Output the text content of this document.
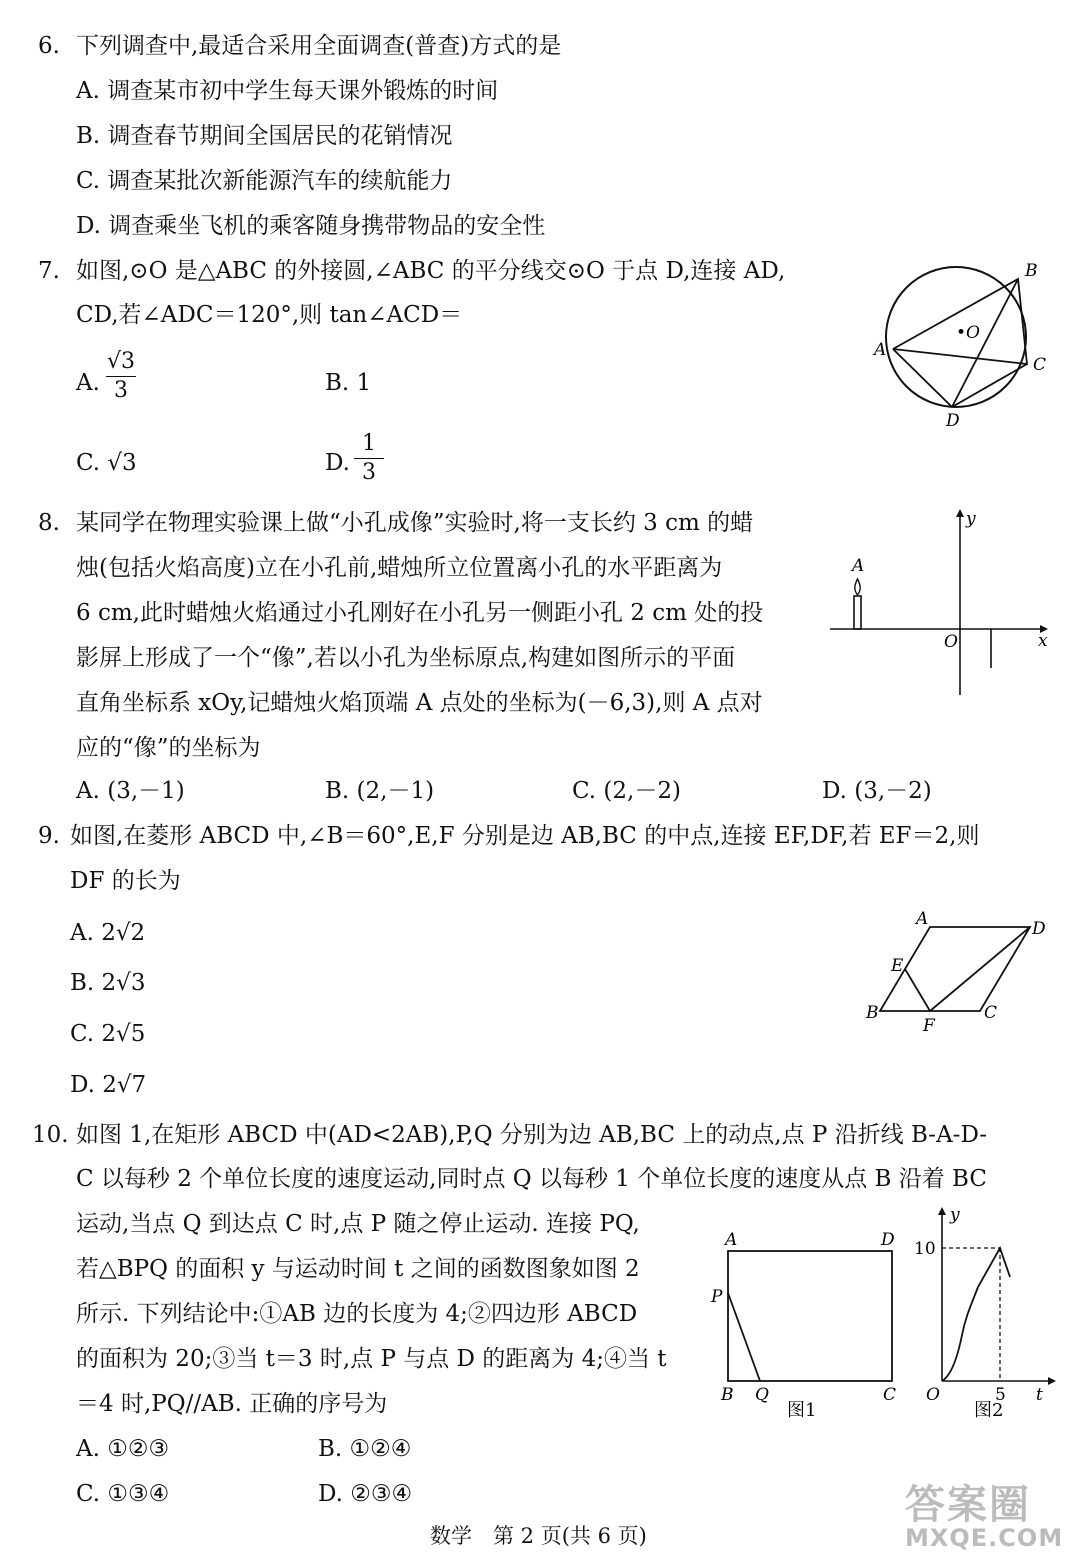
6. 下列调查中,最适合采用全面调查(普查)方式的是
A. 调查某市初中学生每天课外锻炼的时间
B. 调查春节期间全国居民的花销情况
C. 调查某批次新能源汽车的续航能力
D. 调查乘坐飞机的乘客随身携带物品的安全性
7. 如图,⊙O 是△ABC 的外接圆,∠ABC 的平分线交⊙O 于点 D,连接 AD,
CD,若∠ADC＝120°,则 tan∠ACD＝
A.
√3
3	B. 1
C. √3	D.
1
3
B
A
C
D
•O
8. 某同学在物理实验课上做“小孔成像”实验时,将一支长约 3 cm 的蜡
烛(包括火焰高度)立在小孔前,蜡烛所立位置离小孔的水平距离为
6 cm,此时蜡烛火焰通过小孔刚好在小孔另一侧距小孔 2 cm 处的投
影屏上形成了一个“像”,若以小孔为坐标原点,构建如图所示的平面
直角坐标系 xOy,记蜡烛火焰顶端 A 点处的坐标为(－6,3),则 A 点对
应的“像”的坐标为
A. (3,－1)	B. (2,－1)	C. (2,－2)	D. (3,－2)
A
y
x
O
9. 如图,在菱形 ABCD 中,∠B＝60°,E,F 分别是边 AB,BC 的中点,连接 EF,DF,若 EF＝2,则
DF 的长为
A. 2√2
B. 2√3
C. 2√5
D. 2√7
A	D
E
B
F
C
10. 如图 1,在矩形 ABCD 中(AD<2AB),P,Q 分别为边 AB,BC 上的动点,点 P 沿折线 B-A-D-
C 以每秒 2 个单位长度的速度运动,同时点 Q 以每秒 1 个单位长度的速度从点 B 沿着 BC
运动,当点 Q 到达点 C 时,点 P 随之停止运动. 连接 PQ,
若△BPQ 的面积 y 与运动时间 t 之间的函数图象如图 2
所示. 下列结论中:①AB 边的长度为 4;②四边形 ABCD
的面积为 20;③当 t＝3 时,点 P 与点 D 的距离为 4;④当 t
＝4 时,PQ//AB. 正确的序号为
A. ①②③	B. ①②④
C. ①③④	D. ②③④
A	D
P
B Q	C
图1
y
10
O	5 t
图2
数学　第 2 页(共 6 页)
答案圈
MXQE.COM
